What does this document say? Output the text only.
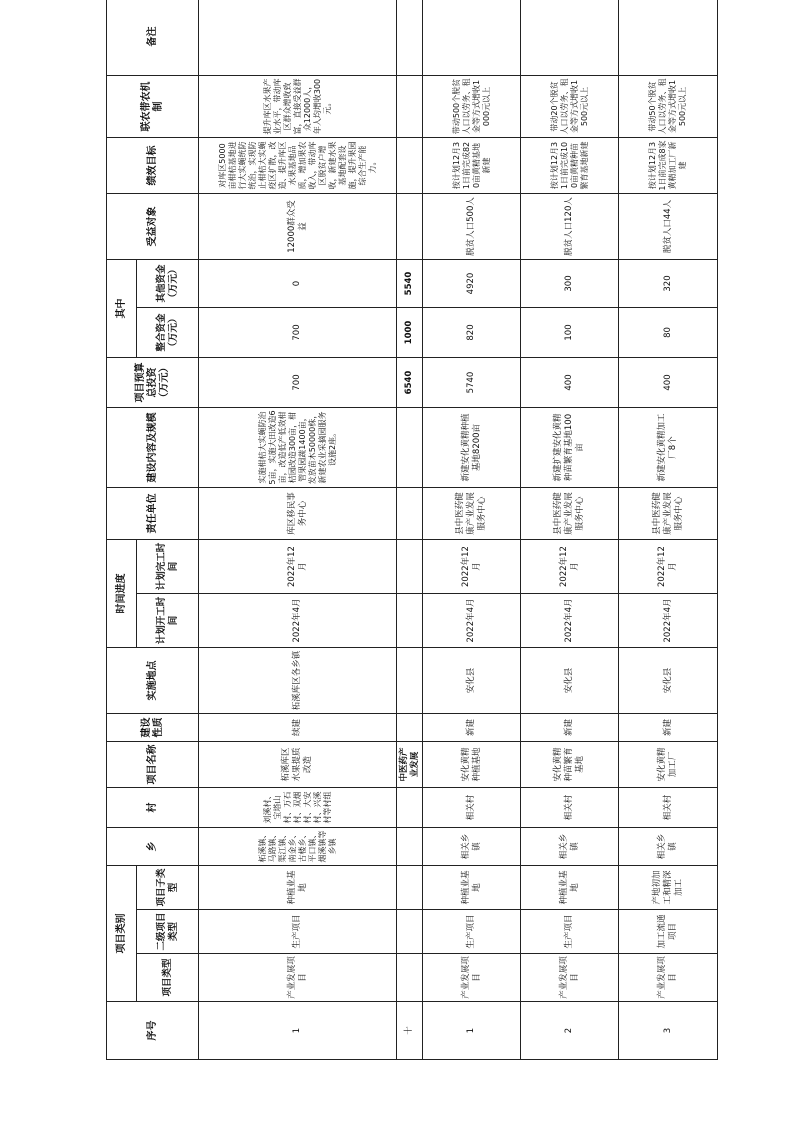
序号	项目类别			乡	村	项目名称	建设性质	实施地点	时间进度		责任单位	建设内容及规模	项目预算总投资（万元）	其中		受益对象	绩效目标	联农带农机制	备注
	项目类型	二级项目类型	项目子类型						计划开工时间	计划完工时间				整合资金（万元）	其他资金（万元）				
1	产业发展项目	生产项目	种植业基地	柘溪镇、马路镇、渠江镇、南金乡、古楼乡、平口镇、烟溪镇等乡镇	刘溪村、宝塔山村、万石村、双烟村、大安村、兴溪村等村组	柘溪库区水果提质改造	续建	柘溪库区各乡镇	2022年4月	2022年12月	库区移民事务中心	实施柑桔大实蝇防治5亩，实施大田改造6亩，改造低产低效柑桔园改造300亩，柑管果园蔬1400亩，发放苗木50000株，新建农业采摘园服务设施2座。	700	700	0	12000群众受益	对库区5000亩柑桔基地进行大实蝇统防统治，实现防止柑桔大实蝇疫区扩散，改造、提升库区水果基地品质，增加果农收入，带动库区脱贫户增收，新建水果基地配套设施，提升果园综合生产能力。	提升库区水果产业水平，带动库区群众增收致富，直接受益群众12000人，年人均增收300元。	
十						中医药产业发展							6540	1000	5540				
1	产业发展项目	生产项目	种植业基地	相关乡镇	相关村	安化黄精种植基地	新建	安化县	2022年4月	2022年12月	县中医药健康产业发展服务中心	新建安化黄精种植基地8200亩	5740	820	4920	脱贫人口500人	按计划12月31日前完成820亩黄精基地新建	带动500个脱贫人口以劳务、租金等方式增收1000元以上	
2	产业发展项目	生产项目	种植业基地	相关乡镇	相关村	安化黄精种苗繁育基地	新建	安化县	2022年4月	2022年12月	县中医药健康产业发展服务中心	新建扩建安化黄精种苗繁育基地100亩	400	100	300	脱贫人口120人	按计划12月31日前完成100亩黄精种苗繁育基地新建	带动20个脱贫人口以劳务、租金等方式增收1500元以上	
3	产业发展项目	加工流通项目	产地初加工和精深加工	相关乡镇	相关村	安化黄精加工厂	新建	安化县	2022年4月	2022年12月	县中医药健康产业发展服务中心	新建安化黄精加工厂8个	400	80	320	脱贫人口44人	按计划12月31日前完成8家黄精加工厂新建	带动50个脱贫人口以劳务、租金等方式增收1500元以上	
